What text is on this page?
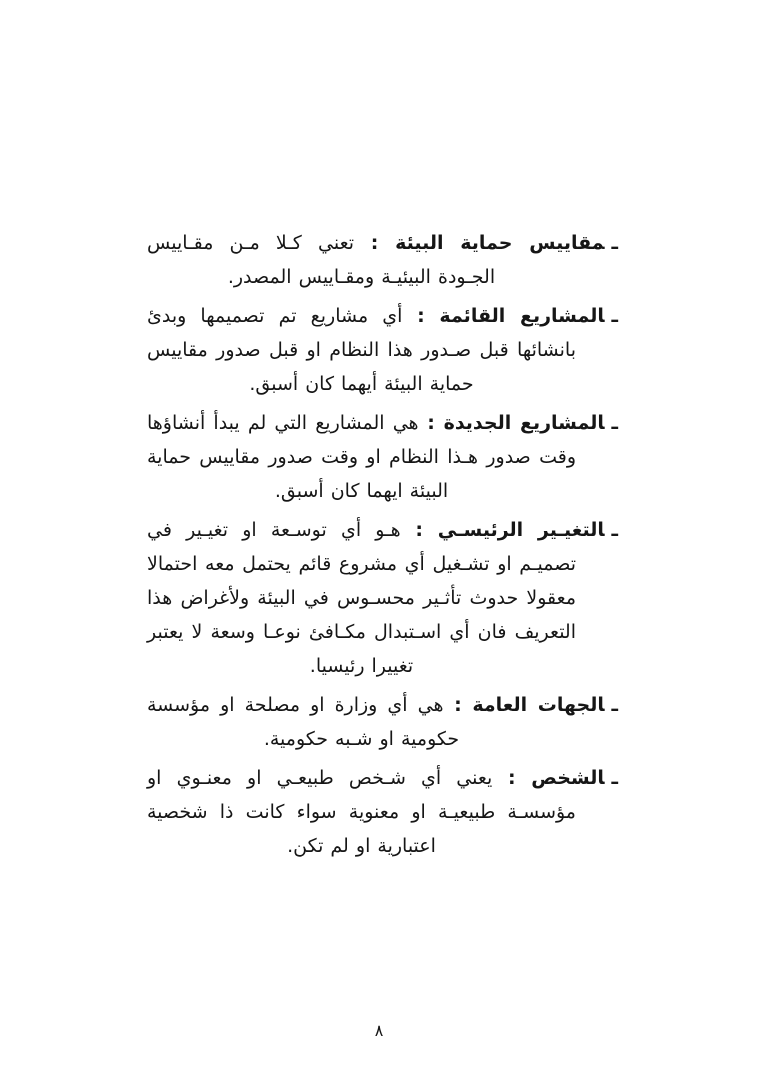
ـمقاييس حماية البيئة : تعني كـلا مـن مقـاييس الجـودة البيئيـة ومقـاييس المصدر.

ـالمشاريع القائمة : أي مشاريع تم تصميمها وبدئ بانشائها قبل صـدور هذا النظام او قبل صدور مقاييس حماية البيئة أيهما كان أسبق.

ـالمشاريع الجديدة : هي المشاريع التي لم يبدأ أنشاؤها وقت صدور هـذا النظام او وقت صدور مقاييس حماية البيئة ايهما كان أسبق.

ـالتغيـير الرئيسـي : هـو أي توسـعة او تغيـير في تصميـم او تشـغيل أي مشروع قائم يحتمل معه احتمالا معقولا حدوث تأثـير محسـوس في البيئة ولأغراض هذا التعريف فان أي اسـتبدال مكـافئ نوعـا وسعة لا يعتبر تغييرا رئيسيا.

ـالجهات العامة : هي أي وزارة او مصلحة او مؤسسة حكومية او شـبه حكومية.

ـالشخص : يعني أي شـخص طبيعـي او معنـوي او مؤسسـة طبيعيـة او معنوية سواء كانت ذا شخصية اعتبارية او لم تكن.

٨
